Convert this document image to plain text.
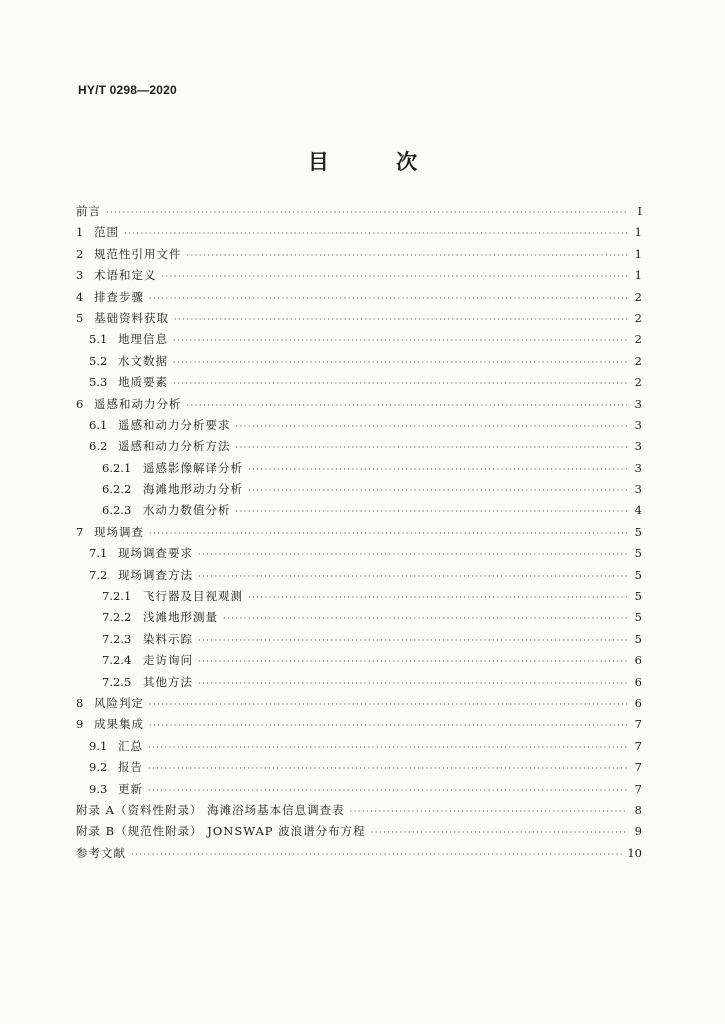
HY/T 0298—2020
目 次
前言 ·····	Ⅰ
1 范围 ·····	1
2 规范性引用文件 ·····	1
3 术语和定义 ·····	1
4 排查步骤 ·····	2
5 基础资料获取 ·····	2
5.1 地理信息 ·····	2
5.2 水文数据 ·····	2
5.3 地质要素 ·····	2
6 遥感和动力分析 ·····	3
6.1 遥感和动力分析要求 ·····	3
6.2 遥感和动力分析方法 ·····	3
6.2.1	遥感影像解译分析 ·····	3
6.2.2	海滩地形动力分析 ·····	3
6.2.3	水动力数值分析 ·····	4
7 现场调查 ·····	5
7.1 现场调查要求 ·····	5
7.2 现场调查方法 ·····	5
7.2.1	飞行器及目视观测 ·····	5
7.2.2	浅滩地形测量 ·····	5
7.2.3	染料示踪 ·····	5
7.2.4	走访询问 ·····	6
7.2.5	其他方法 ·····	6
8 风险判定 ·····	6
9 成果集成 ·····	7
9.1 汇总 ·····	7
9.2 报告 ·····	7
9.3 更新 ·····	7
附录 A（资料性附录） 海滩浴场基本信息调查表 ·····	8
附录 B（规范性附录） JONSWAP 波浪谱分布方程 ·····	9
参考文献 ·····	10
